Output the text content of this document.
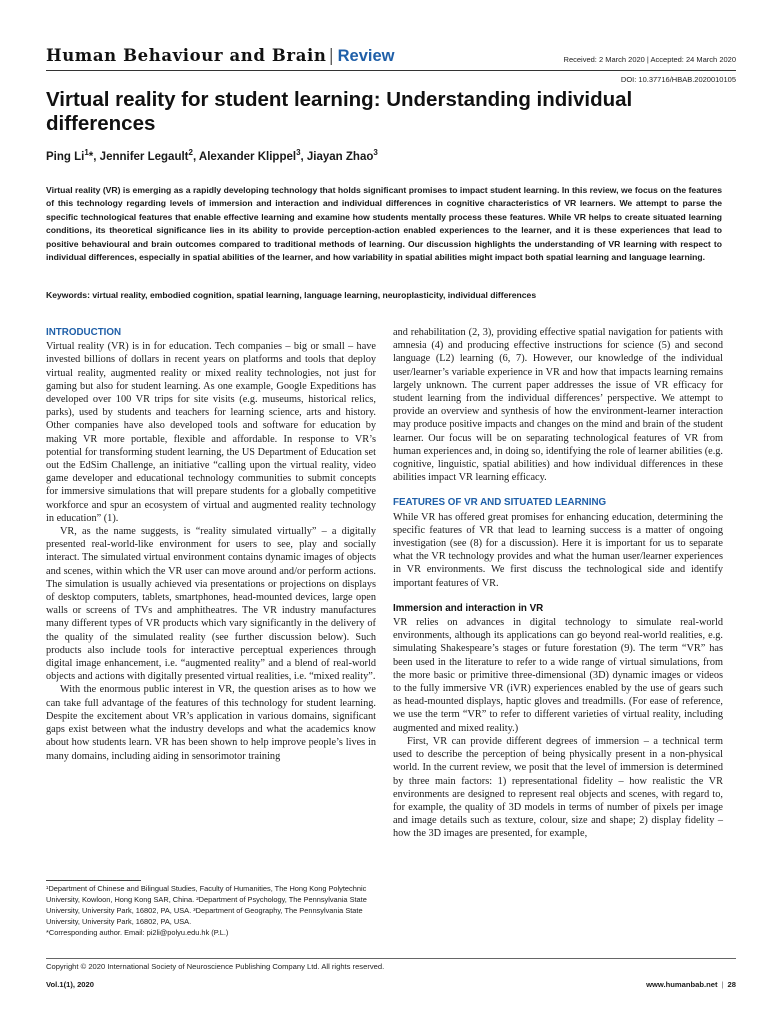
Human Behaviour and Brain | Review	Received: 2 March 2020 | Accepted: 24 March 2020
DOI: 10.37716/HBAB.2020010105
Virtual reality for student learning: Understanding individual differences
Ping Li$^1$*, Jennifer Legault$^2$, Alexander Klippel$^3$, Jiayan Zhao$^3$

Virtual reality (VR) is emerging as a rapidly developing technology that holds significant promises to impact student learning. In this review, we focus on the features of this technology regarding levels of immersion and interaction and individual differences in cognitive characteristics of VR learners. We attempt to parse the specific technological features that enable effective learning and examine how students mentally process these features. While VR helps to create situated learning conditions, its theoretical significance lies in its ability to provide perception-action enabled experiences to the learner, and it is these experiences that lead to positive behavioural and brain outcomes compared to traditional methods of learning. Our discussion highlights the understanding of VR learning with respect to individual differences, especially in spatial abilities of the learner, and how variability in spatial abilities might impact both spatial learning and language learning.

Keywords: virtual reality, embodied cognition, spatial learning, language learning, neuroplasticity, individual differences
INTRODUCTION

Virtual reality (VR) is in for education. Tech companies – big or small – have invested billions of dollars in recent years on platforms and tools that deploy virtual reality, augmented reality or mixed reality technologies, not just for gaming but also for student learning. As one example, Google Expeditions has developed over 100 VR trips for site visits (e.g. museums, historical relics, parks), used by students and teachers for learning science, arts and history. Other companies have also developed tools and software for education by making VR more portable, flexible and affordable. In response to VR’s potential for transforming student learning, the US Department of Education set out the EdSim Challenge, an initiative “calling upon the virtual reality, video game developer and educational technology communities to submit concepts for immersive simulations that will prepare students for a globally competitive workforce and spur an ecosystem of virtual and augmented reality technology in education” (1).

VR, as the name suggests, is “reality simulated virtually” – a digitally presented real-world-like environment for users to see, play and socially interact. The simulated virtual environment contains dynamic images of objects and scenes, within which the VR user can move around and/or perform actions. The simulation is usually achieved via presentations or projections on displays of desktop computers, tablets, smartphones, head-mounted devices, large open walls or screens of TVs and amphitheatres. The VR industry manufactures many different types of VR products which vary significantly in the delivery of the quality of the simulated reality (see further discussion below). Such products also include tools for interactive perceptual experiences through digital image enhancement, i.e. “augmented reality” and a blend of real-world objects and actions with digitally presented virtual realities, i.e. “mixed reality”.

With the enormous public interest in VR, the question arises as to how we can take full advantage of the features of this technology for student learning. Despite the excitement about VR’s application in various domains, significant gaps exist between what the industry develops and what the academics know about how students learn. VR has been shown to help improve people’s lives in many domains, including aiding in sensorimotor training

and rehabilitation (2, 3), providing effective spatial navigation for patients with amnesia (4) and producing effective instructions for science (5) and second language (L2) learning (6, 7). However, our knowledge of the individual user/learner’s variable experience in VR and how that impacts learning remains largely unknown. The current paper addresses the issue of VR efficacy for student learning from the individual differences’ perspective. We attempt to provide an overview and synthesis of how the environment-learner interaction may produce positive impacts and changes on the mind and brain of the student learner. Our focus will be on separating technological features of VR from human experiences and, in doing so, identifying the role of learner abilities (e.g. cognitive, linguistic, spatial abilities) and how individual differences in these abilities impact VR learning efficacy.

FEATURES OF VR AND SITUATED LEARNING

While VR has offered great promises for enhancing education, determining the specific features of VR that lead to learning success is a matter of ongoing investigation (see (8) for a discussion). Here it is important for us to separate what the VR technology provides and what the human user/learner experiences in VR environments. We first discuss the technological side and identify important features of VR.

Immersion and interaction in VR

VR relies on advances in digital technology to simulate real-world environments, although its applications can go beyond real-world realities, e.g. simulating Shakespeare’s stages or future forestation (9). The term “VR” has been used in the literature to refer to a wide range of virtual simulations, from the more basic or primitive three-dimensional (3D) dynamic images or videos to the fully immersive VR (iVR) experiences enabled by the use of gears such as head-mounted displays, haptic gloves and treadmills. (For ease of reference, we use the term “VR” to refer to different varieties of virtual reality, including augmented and mixed reality.)

First, VR can provide different degrees of immersion – a technical term used to describe the perception of being physically present in a non-physical world. In the current review, we posit that the level of immersion is determined by three main factors: 1) representational fidelity – how realistic the VR environments are designed to represent real objects and scenes, with regard to, for example, the quality of 3D models in terms of number of pixels per image and image details such as texture, colour, size and shape; 2) display fidelity – how the 3D images are presented, for example,

¹Department of Chinese and Bilingual Studies, Faculty of Humanities, The Hong Kong Polytechnic University, Kowloon, Hong Kong SAR, China. ²Department of Psychology, The Pennsylvania State University, University Park, 16802, PA, USA. ³Department of Geography, The Pennsylvania State University, University Park, 16802, PA, USA.

*Corresponding author. Email: pi2li@polyu.edu.hk (P.L.)

Copyright © 2020 International Society of Neuroscience Publishing Company Ltd. All rights reserved.
Vol.1(1), 2020	www.humanbab.net | 28
